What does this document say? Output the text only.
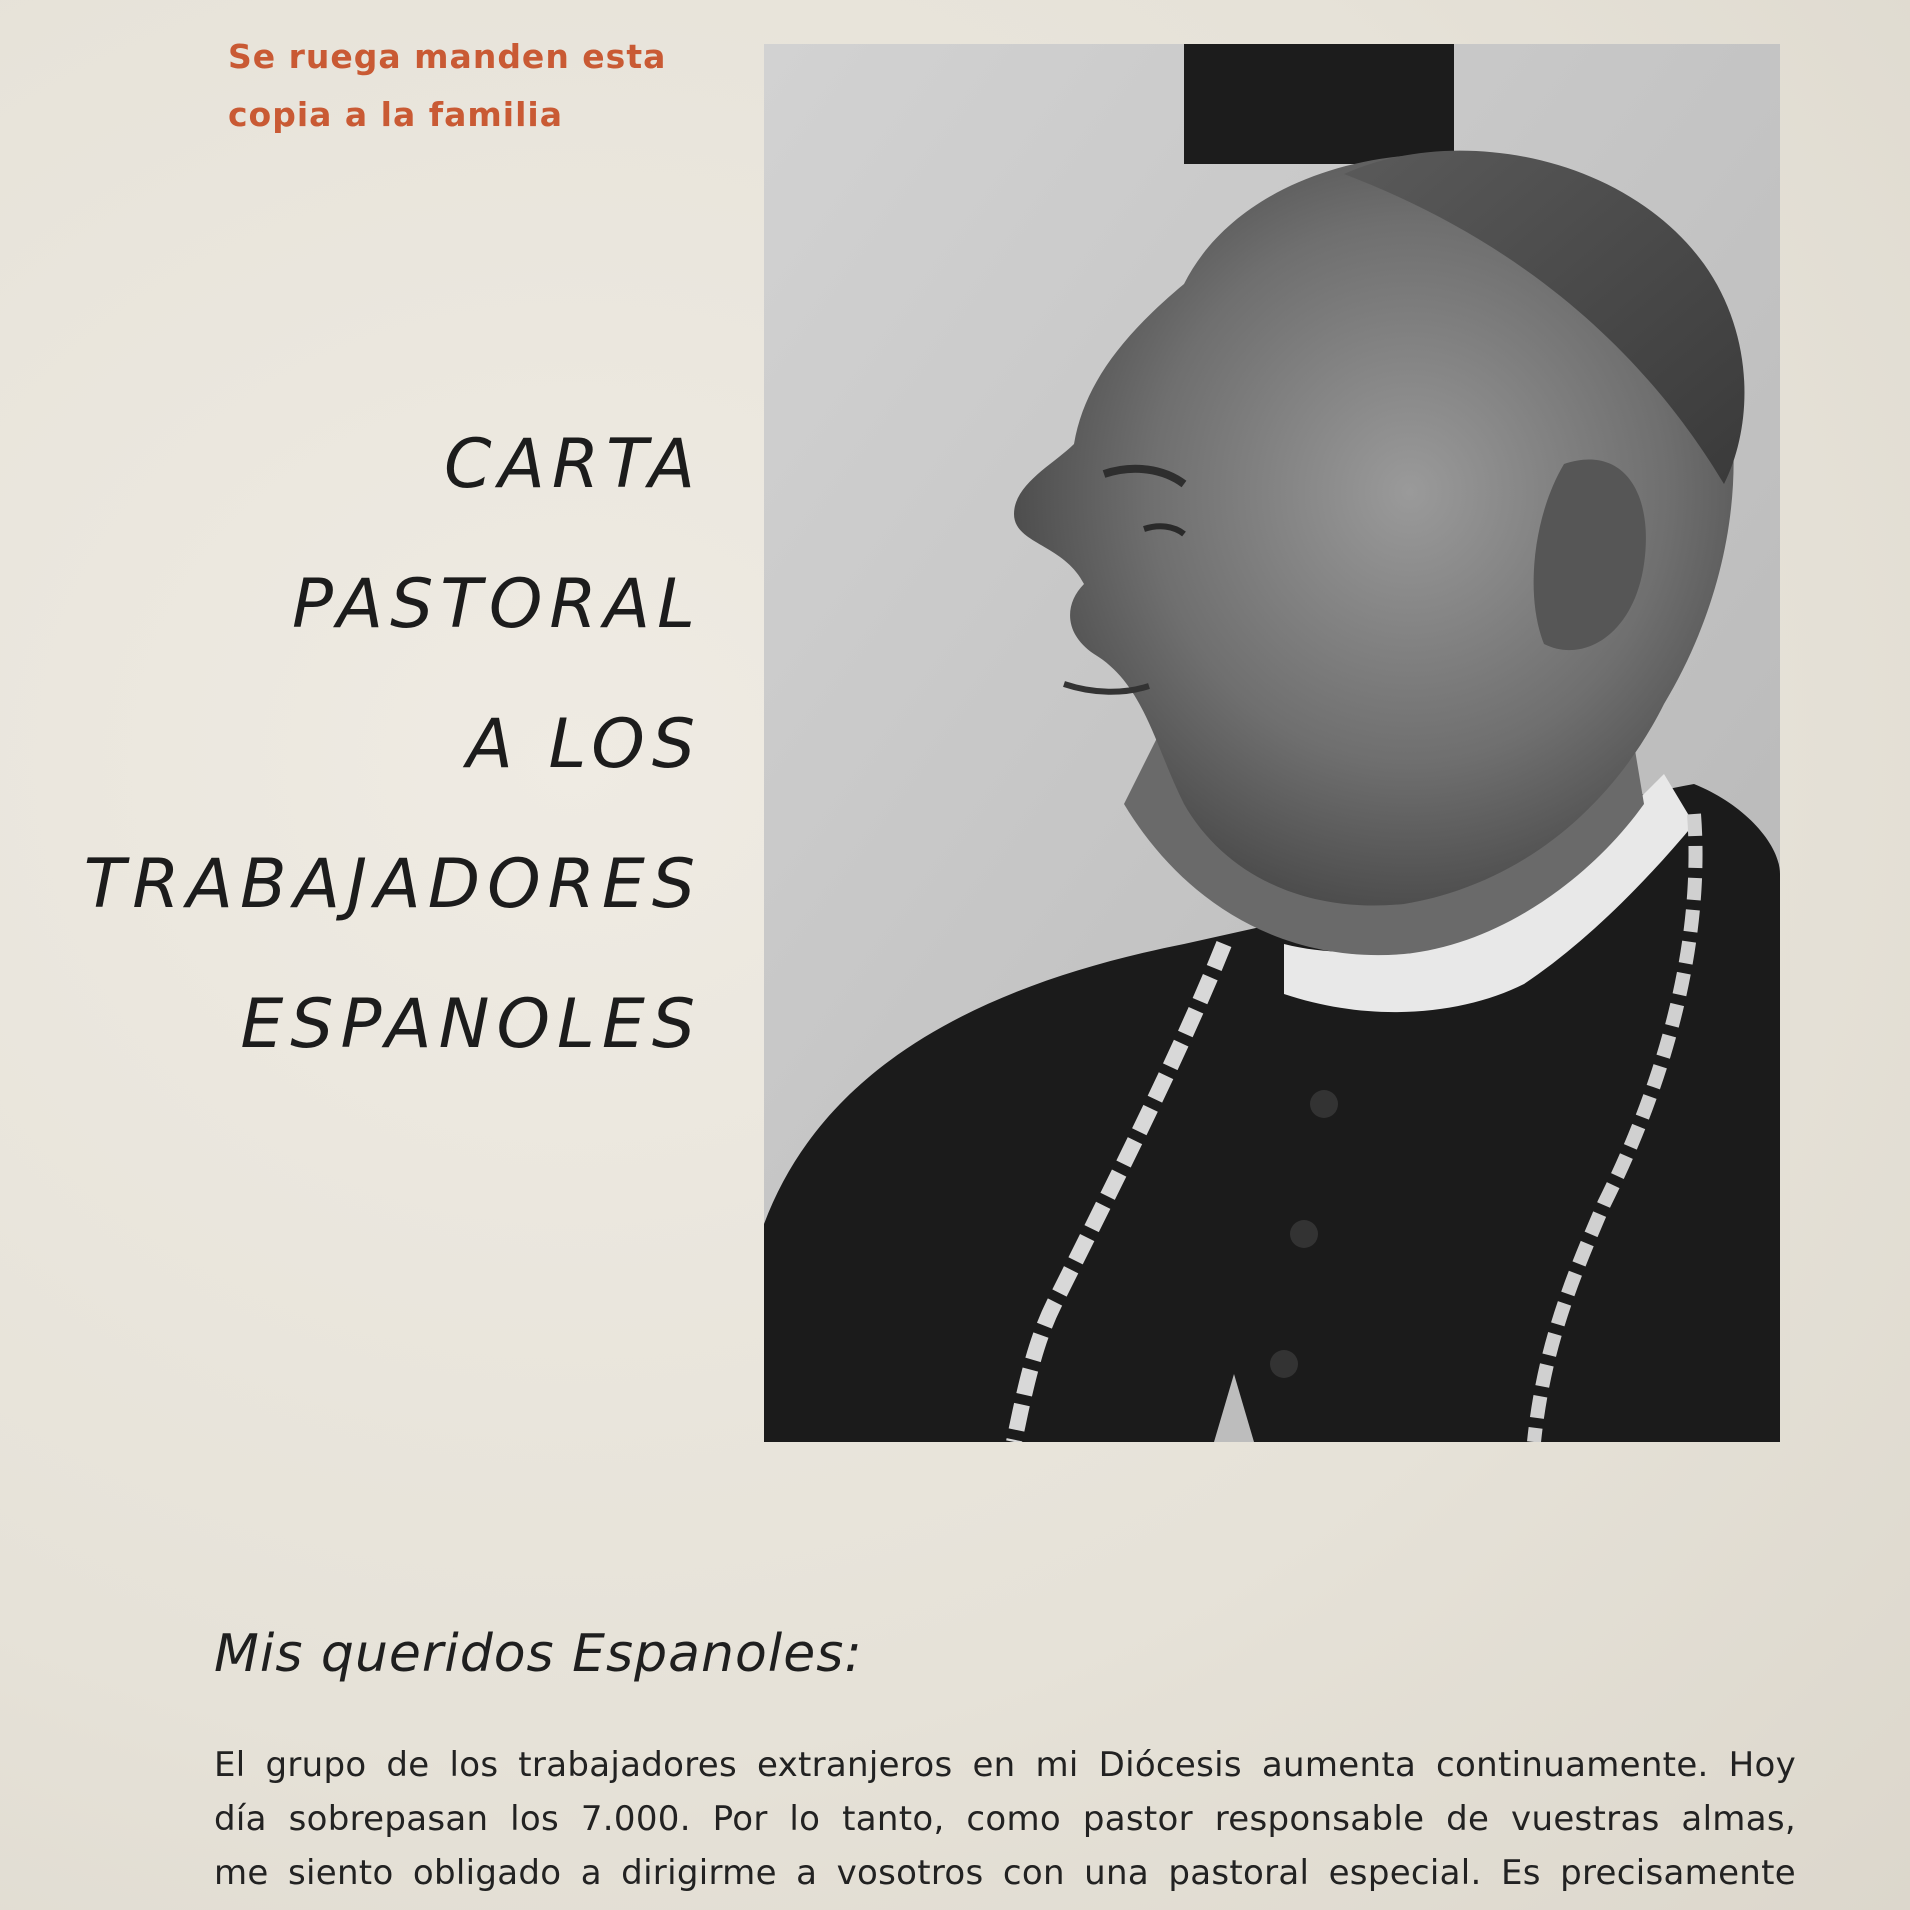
Se ruega manden esta
copia a la familia
CARTA
PASTORAL
A LOS
TRABAJADORES
ESPANOLES
Mis queridos Espanoles:
El grupo de los trabajadores extranjeros en mi Diócesis aumenta continuamente. Hoy
día sobrepasan los 7.000. Por lo tanto, como pastor responsable de vuestras almas,
me siento obligado a dirigirme a vosotros con una pastoral especial. Es precisamente
